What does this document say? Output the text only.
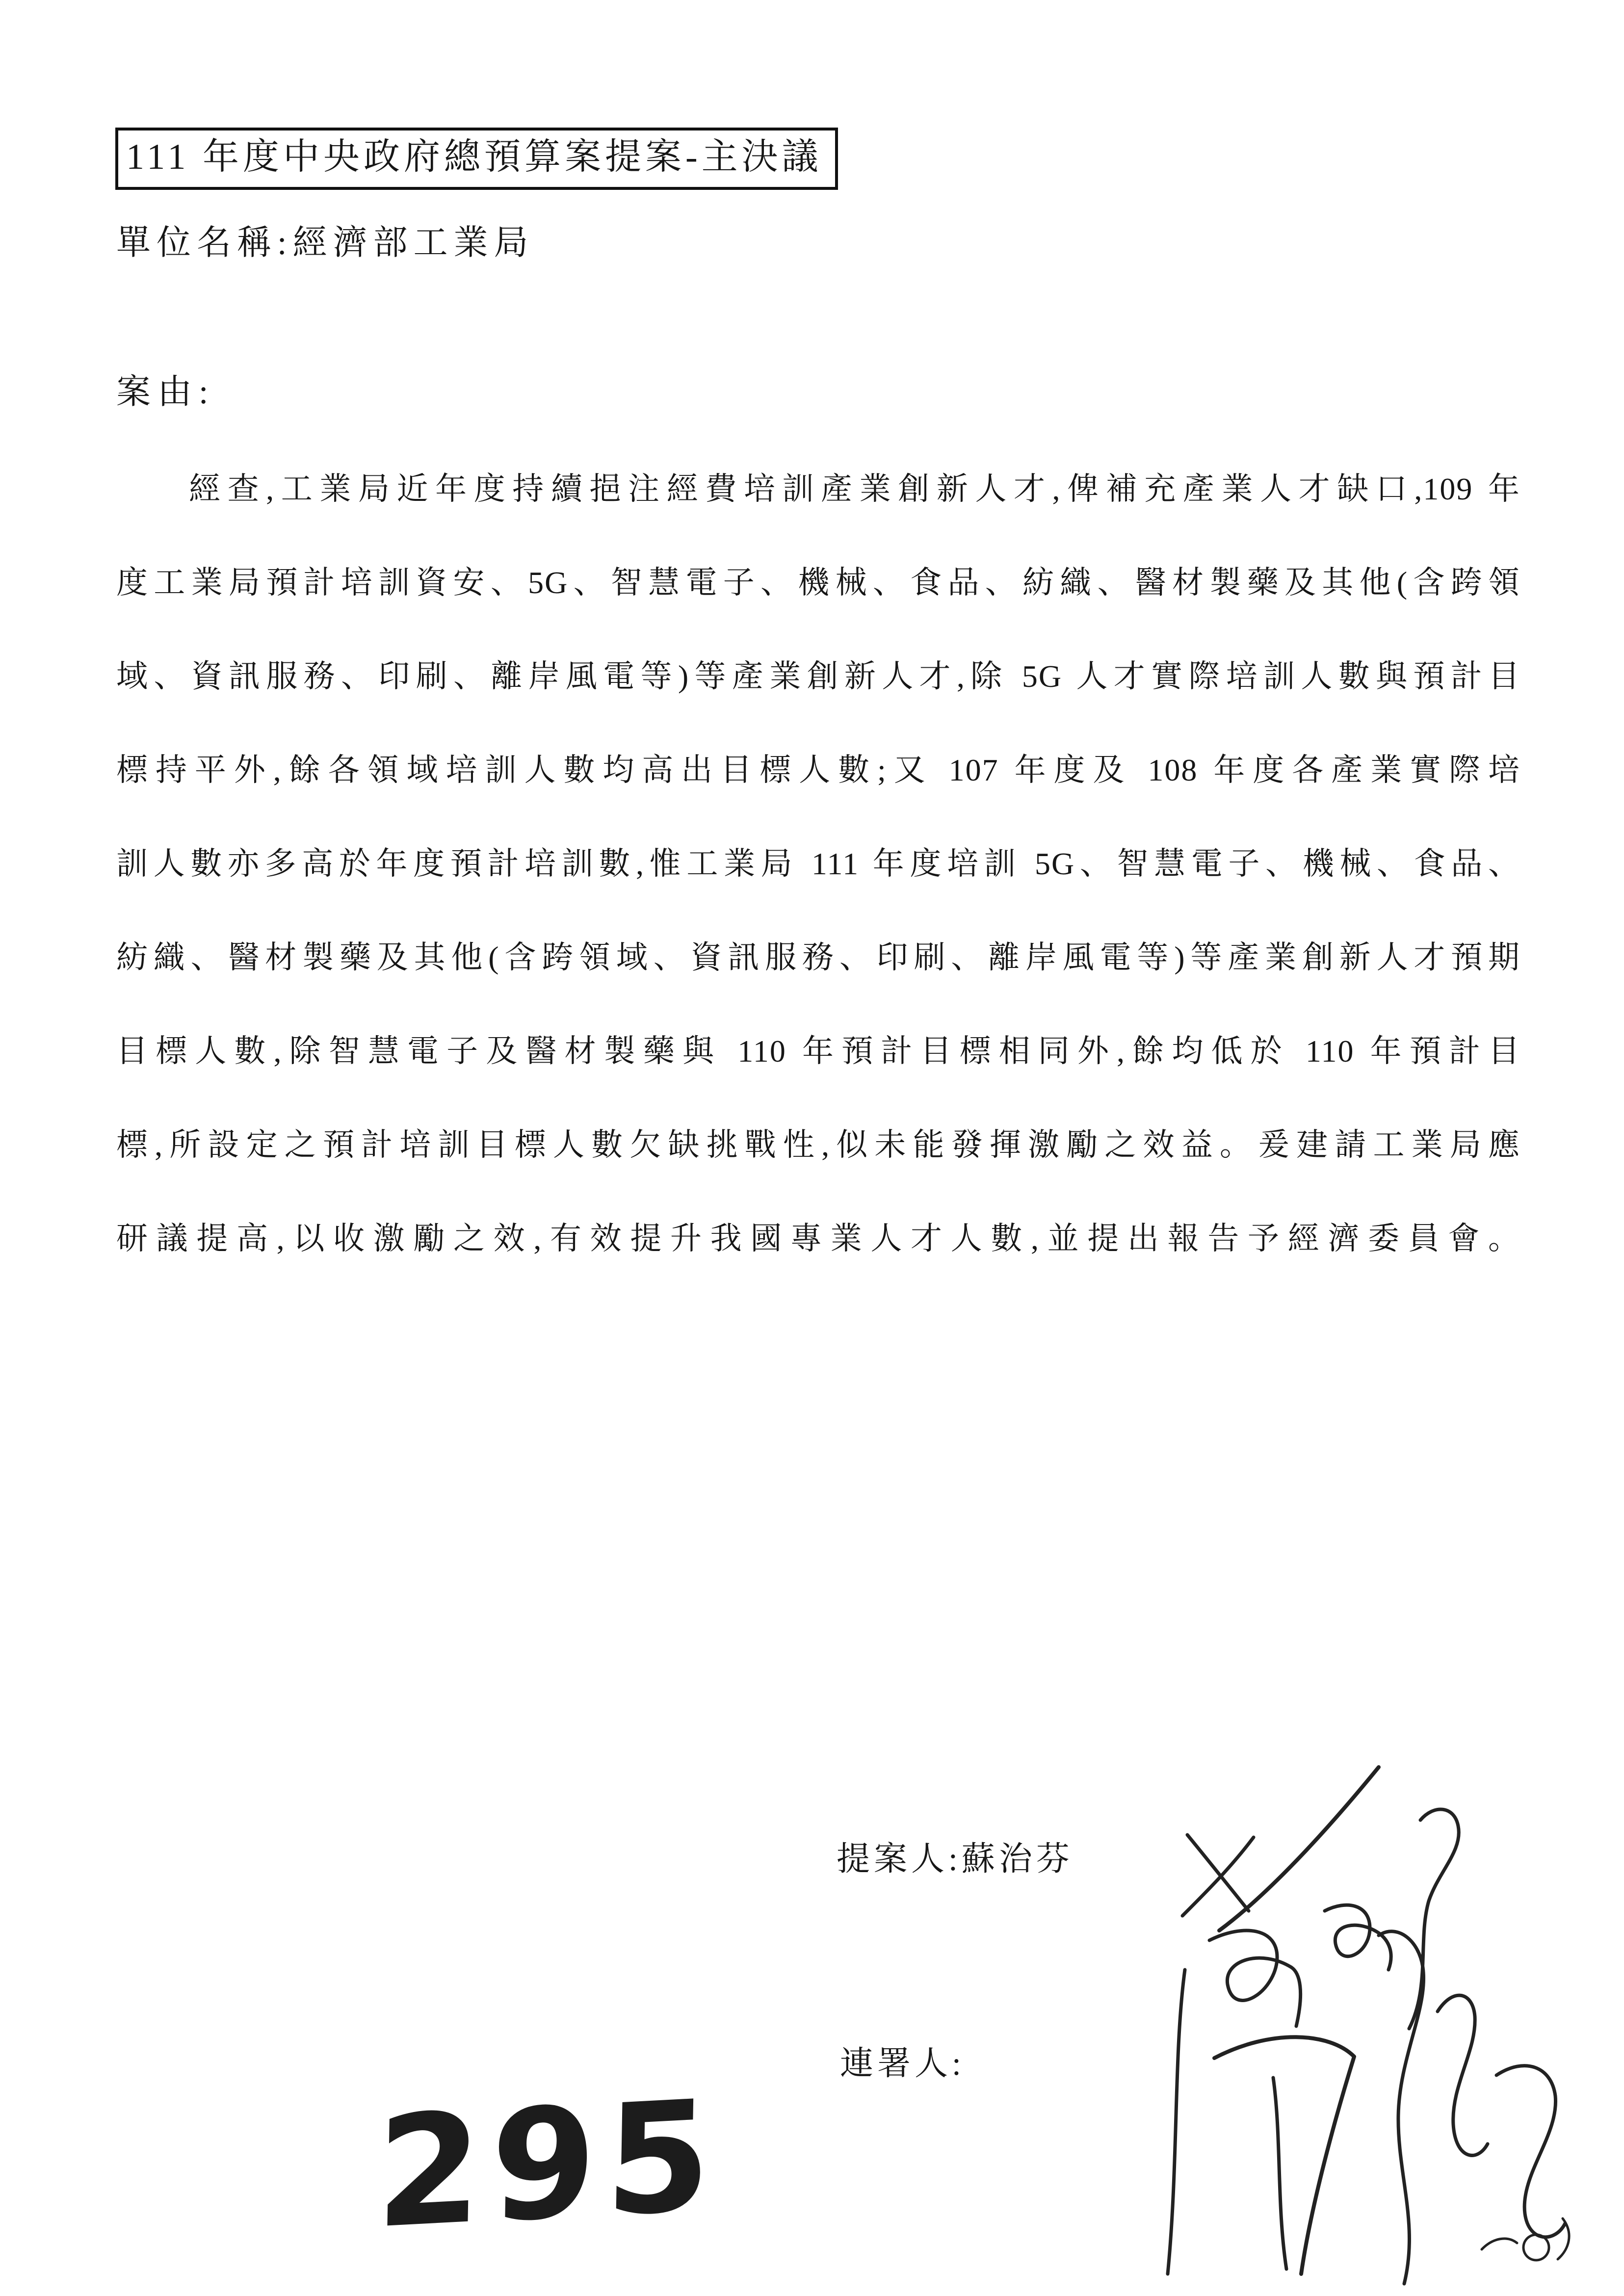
111 年度中央政府總預算案提案-主決議
單位名稱:經濟部工業局
案由:
經查,工業局近年度持續挹注經費培訓產業創新人才,俾補充產業人才缺口,109 年
度工業局預計培訓資安、5G、智慧電子、機械、食品、紡織、醫材製藥及其他(含跨領
域、資訊服務、印刷、離岸風電等)等產業創新人才,除 5G 人才實際培訓人數與預計目
標持平外,餘各領域培訓人數均高出目標人數;又 107 年度及 108 年度各產業實際培
訓人數亦多高於年度預計培訓數,惟工業局 111 年度培訓 5G、智慧電子、機械、食品、
紡織、醫材製藥及其他(含跨領域、資訊服務、印刷、離岸風電等)等產業創新人才預期
目標人數,除智慧電子及醫材製藥與 110 年預計目標相同外,餘均低於 110 年預計目
標,所設定之預計培訓目標人數欠缺挑戰性,似未能發揮激勵之效益。爰建請工業局應
研議提高,以收激勵之效,有效提升我國專業人才人數,並提出報告予經濟委員會。
提案人:蘇治芬
連署人:
295
